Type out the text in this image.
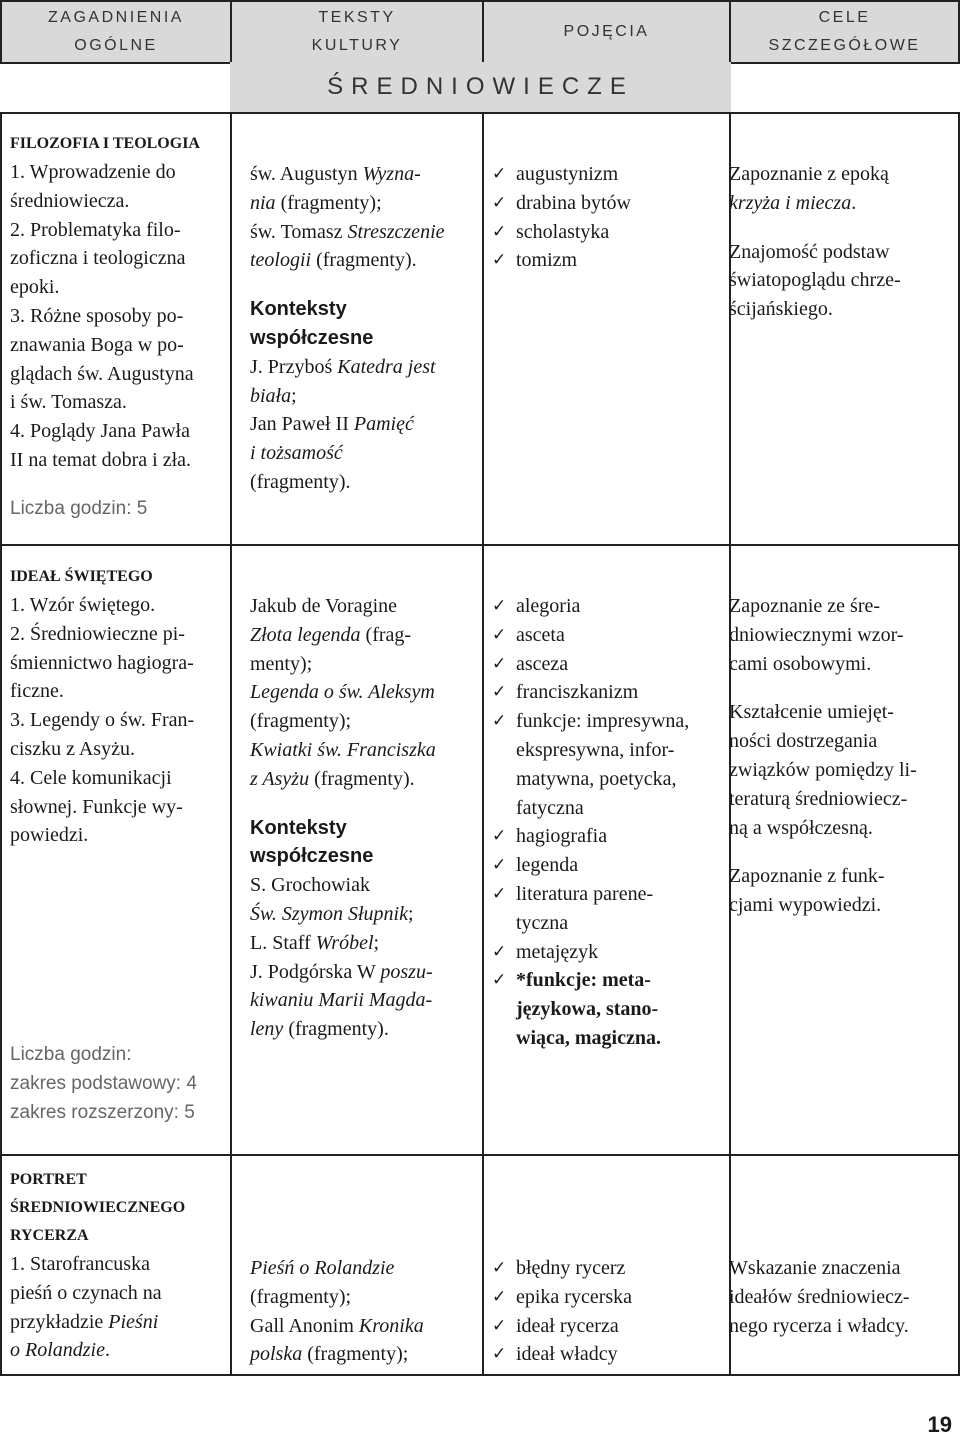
ZAGADNIENIA
OGÓLNE
TEKSTY
KULTURY
POJĘCIA
CELE
SZCZEGÓŁOWE
ŚREDNIOWIECZE
FILOZOFIA I TEOLOGIA
1. Wprowadzenie do
średniowiecza.
2. Problematyka filo-
zoficzna i teologiczna
epoki.
3. Różne sposoby po-
znawania Boga w po-
glądach św. Augustyna
i św. Tomasza.
4. Poglądy Jana Pawła
II na temat dobra i zła.
Liczba godzin: 5
św. Augustyn Wyzna-
nia (fragmenty);
św. Tomasz Streszczenie
teologii (fragmenty).
Konteksty
współczesne
J. Przyboś Katedra jest
biała;
Jan Paweł II Pamięć
i tożsamość
(fragmenty).
✓ augustynizm
✓ drabina bytów
✓ scholastyka
✓ tomizm
Zapoznanie z epoką
krzyża i miecza.
Znajomość podstaw
światopoglądu chrze-
ścijańskiego.
IDEAŁ ŚWIĘTEGO
1. Wzór świętego.
2. Średniowieczne pi-
śmiennictwo hagiogra-
ficzne.
3. Legendy o św. Fran-
ciszku z Asyżu.
4. Cele komunikacji
słownej. Funkcje wy-
powiedzi.
Liczba godzin:
zakres podstawowy: 4
zakres rozszerzony: 5
Jakub de Voragine
Złota legenda (frag-
menty);
Legenda o św. Aleksym
(fragmenty);
Kwiatki św. Franciszka
z Asyżu (fragmenty).
Konteksty
współczesne
S. Grochowiak
Św. Szymon Słupnik;
L. Staff Wróbel;
J. Podgórska W poszu-
kiwaniu Marii Magda-
leny (fragmenty).
✓ alegoria
✓ asceta
✓ asceza
✓ franciszkanizm
✓ funkcje: impresywna,
ekspresywna, infor-
matywna, poetycka,
fatyczna
✓ hagiografia
✓ legenda
✓ literatura parene-
tyczna
✓ metajęzyk
✓ *funkcje: meta-
językowa, stano-
wiąca, magiczna.
Zapoznanie ze śre-
dniowiecznymi wzor-
cami osobowymi.
Kształcenie umiejęt-
ności dostrzegania
związków pomiędzy li-
teraturą średniowiecz-
ną a współczesną.
Zapoznanie z funk-
cjami wypowiedzi.
PORTRET
ŚREDNIOWIECZNEGO
RYCERZA
1. Starofrancuska
pieśń o czynach na
przykładzie Pieśni
o Rolandzie.
Pieśń o Rolandzie
(fragmenty);
Gall Anonim Kronika
polska (fragmenty);
✓ błędny rycerz
✓ epika rycerska
✓ ideał rycerza
✓ ideał władcy
Wskazanie znaczenia
ideałów średniowiecz-
nego rycerza i władcy.
19
